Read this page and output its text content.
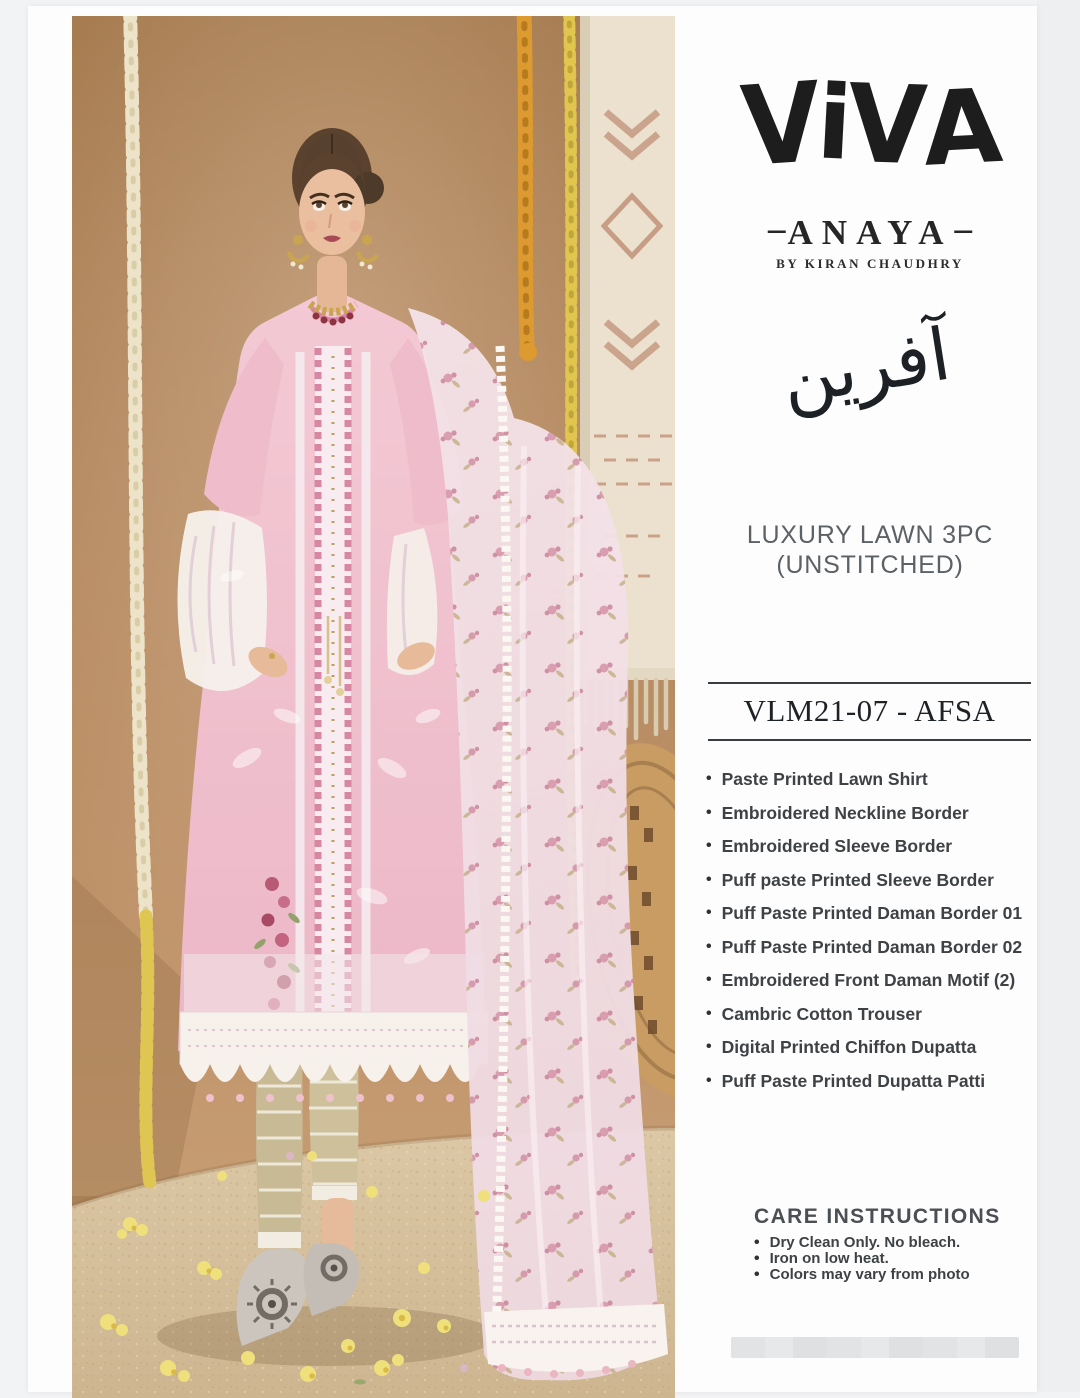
ViVA
–ANAYA–
BY KIRAN CHAUDHRY
آفرین
LUXURY LAWN 3PC
(UNSTITCHED)
VLM21-07 - AFSA
• Paste Printed Lawn Shirt
• Embroidered Neckline Border
• Embroidered Sleeve Border
• Puff paste Printed Sleeve Border
• Puff Paste Printed Daman Border 01
• Puff Paste Printed Daman Border 02
• Embroidered Front Daman Motif (2)
• Cambric Cotton Trouser
• Digital Printed Chiffon Dupatta
• Puff Paste Printed Dupatta Patti
CARE INSTRUCTIONS
• Dry Clean Only. No bleach.
• Iron on low heat.
• Colors may vary from photo
